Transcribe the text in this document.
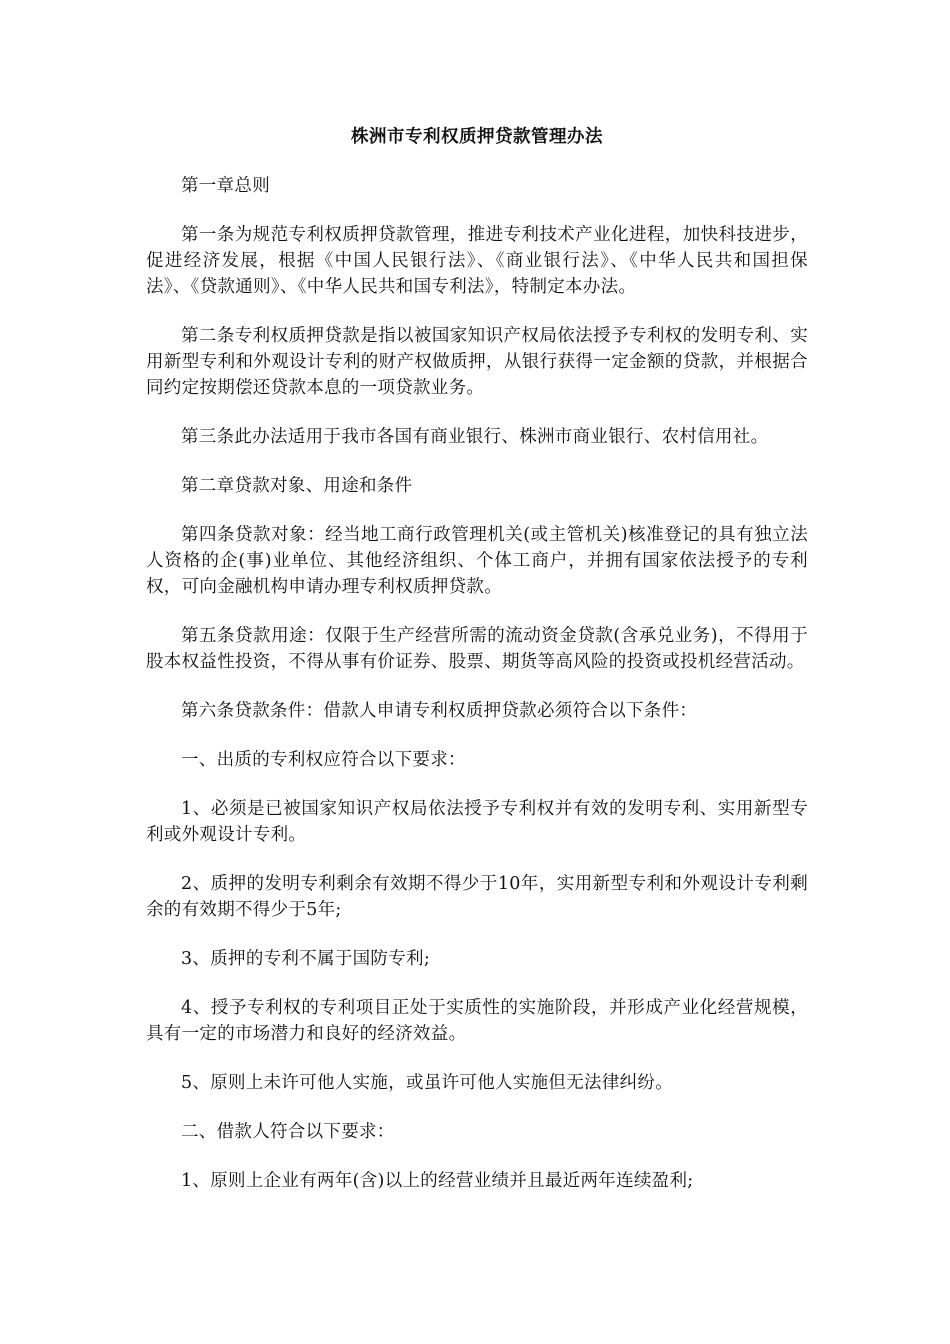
株洲市专利权质押贷款管理办法

第一章总则

第一条为规范专利权质押贷款管理，推进专利技术产业化进程，加快科技进步，促进经济发展，根据《中国人民银行法》、《商业银行法》、《中华人民共和国担保法》、《贷款通则》、《中华人民共和国专利法》，特制定本办法。

第二条专利权质押贷款是指以被国家知识产权局依法授予专利权的发明专利、实用新型专利和外观设计专利的财产权做质押，从银行获得一定金额的贷款，并根据合同约定按期偿还贷款本息的一项贷款业务。

第三条此办法适用于我市各国有商业银行、株洲市商业银行、农村信用社。

第二章贷款对象、用途和条件

第四条贷款对象：经当地工商行政管理机关(或主管机关)核准登记的具有独立法人资格的企(事)业单位、其他经济组织、个体工商户，并拥有国家依法授予的专利权，可向金融机构申请办理专利权质押贷款。

第五条贷款用途：仅限于生产经营所需的流动资金贷款(含承兑业务)，不得用于股本权益性投资，不得从事有价证券、股票、期货等高风险的投资或投机经营活动。

第六条贷款条件：借款人申请专利权质押贷款必须符合以下条件：

一、出质的专利权应符合以下要求：

1、必须是已被国家知识产权局依法授予专利权并有效的发明专利、实用新型专利或外观设计专利。

2、质押的发明专利剩余有效期不得少于10年，实用新型专利和外观设计专利剩余的有效期不得少于5年;

3、质押的专利不属于国防专利;

4、授予专利权的专利项目正处于实质性的实施阶段，并形成产业化经营规模，具有一定的市场潜力和良好的经济效益。

5、原则上未许可他人实施，或虽许可他人实施但无法律纠纷。

二、借款人符合以下要求：

1、原则上企业有两年(含)以上的经营业绩并且最近两年连续盈利;
